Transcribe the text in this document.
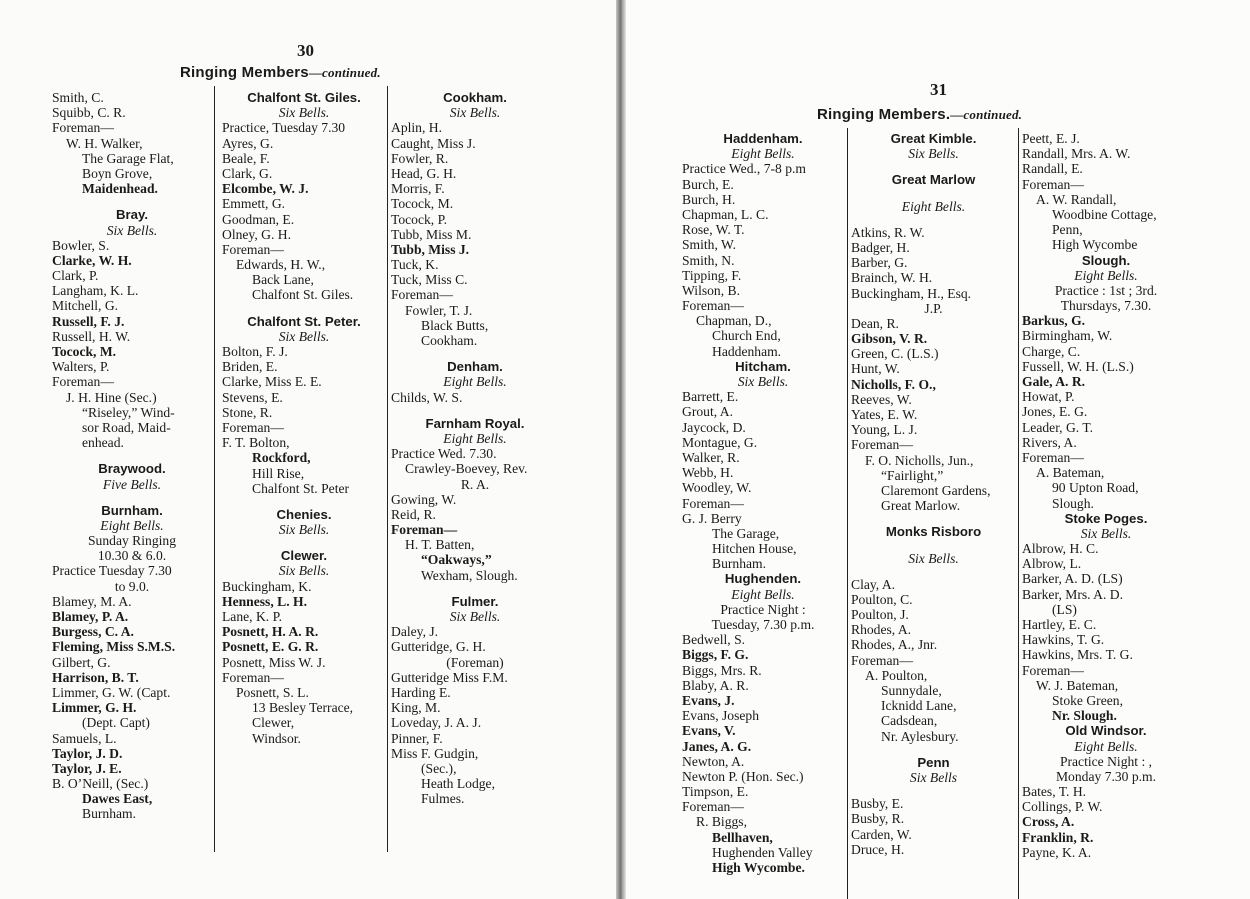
30
Ringing Members—continued.
Smith, C.
Squibb, C. R.
Foreman—
W. H. Walker,
The Garage Flat,
Boyn Grove,
Maidenhead.
Bray.
Six Bells.
Bowler, S.
Clarke, W. H.
Clark, P.
Langham, K. L.
Mitchell, G.
Russell, F. J.
Russell, H. W.
Tocock, M.
Walters, P.
Foreman—
J. H. Hine (Sec.)
“Riseley,” Wind-
sor Road, Maid-
enhead.
Braywood.
Five Bells.
Burnham.
Eight Bells.
Sunday Ringing
10.30 & 6.0.
Practice Tuesday 7.30
to 9.0.
Blamey, M. A.
Blamey, P. A.
Burgess, C. A.
Fleming, Miss S.M.S.
Gilbert, G.
Harrison, B. T.
Limmer, G. W. (Capt.
Limmer, G. H.
(Dept. Capt)
Samuels, L.
Taylor, J. D.
Taylor, J. E.
B. O’Neill, (Sec.)
Dawes East,
Burnham.
Chalfont St. Giles.
Six Bells.
Practice, Tuesday 7.30
Ayres, G.
Beale, F.
Clark, G.
Elcombe, W. J.
Emmett, G.
Goodman, E.
Olney, G. H.
Foreman—
Edwards, H. W.,
Back Lane,
Chalfont St. Giles.
Chalfont St. Peter.
Six Bells.
Bolton, F. J.
Briden, E.
Clarke, Miss E. E.
Stevens, E.
Stone, R.
Foreman—
F. T. Bolton,
Rockford,
Hill Rise,
Chalfont St. Peter
Chenies.
Six Bells.
Clewer.
Six Bells.
Buckingham, K.
Henness, L. H.
Lane, K. P.
Posnett, H. A. R.
Posnett, E. G. R.
Posnett, Miss W. J.
Foreman—
Posnett, S. L.
13 Besley Terrace,
Clewer,
Windsor.
Cookham.
Six Bells.
Aplin, H.
Caught, Miss J.
Fowler, R.
Head, G. H.
Morris, F.
Tocock, M.
Tocock, P.
Tubb, Miss M.
Tubb, Miss J.
Tuck, K.
Tuck, Miss C.
Foreman—
Fowler, T. J.
Black Butts,
Cookham.
Denham.
Eight Bells.
Childs, W. S.
Farnham Royal.
Eight Bells.
Practice Wed. 7.30.
Crawley-Boevey, Rev.
R. A.
Gowing, W.
Reid, R.
Foreman—
H. T. Batten,
“Oakways,”
Wexham, Slough.
Fulmer.
Six Bells.
Daley, J.
Gutteridge, G. H.
(Foreman)
Gutteridge Miss F.M.
Harding E.
King, M.
Loveday, J. A. J.
Pinner, F.
Miss F. Gudgin,
(Sec.),
Heath Lodge,
Fulmes.
31
Ringing Members.—continued.
Haddenham.
Eight Bells.
Practice Wed., 7-8 p.m
Burch, E.
Burch, H.
Chapman, L. C.
Rose, W. T.
Smith, W.
Smith, N.
Tipping, F.
Wilson, B.
Foreman—
Chapman, D.,
Church End,
Haddenham.
Hitcham.
Six Bells.
Barrett, E.
Grout, A.
Jaycock, D.
Montague, G.
Walker, R.
Webb, H.
Woodley, W.
Foreman—
G. J. Berry
The Garage,
Hitchen House,
Burnham.
Hughenden.
Eight Bells.
Practice Night :
Tuesday, 7.30 p.m.
Bedwell, S.
Biggs, F. G.
Biggs, Mrs. R.
Blaby, A. R.
Evans, J.
Evans, Joseph
Evans, V.
Janes, A. G.
Newton, A.
Newton P. (Hon. Sec.)
Timpson, E.
Foreman—
R. Biggs,
Bellhaven,
Hughenden Valley
High Wycombe.
Great Kimble.
Six Bells.
Great Marlow
Eight Bells.
Atkins, R. W.
Badger, H.
Barber, G.
Brainch, W. H.
Buckingham, H., Esq.
J.P.
Dean, R.
Gibson, V. R.
Green, C. (L.S.)
Hunt, W.
Nicholls, F. O.,
Reeves, W.
Yates, E. W.
Young, L. J.
Foreman—
F. O. Nicholls, Jun.,
“Fairlight,”
Claremont Gardens,
Great Marlow.
Monks Risboro
Six Bells.
Clay, A.
Poulton, C.
Poulton, J.
Rhodes, A.
Rhodes, A., Jnr.
Foreman—
A. Poulton,
Sunnydale,
Icknidd Lane,
Cadsdean,
Nr. Aylesbury.
Penn
Six Bells
Busby, E.
Busby, R.
Carden, W.
Druce, H.
Peett, E. J.
Randall, Mrs. A. W.
Randall, E.
Foreman—
A. W. Randall,
Woodbine Cottage,
Penn,
High Wycombe
Slough.
Eight Bells.
Practice : 1st ; 3rd.
Thursdays, 7.30.
Barkus, G.
Birmingham, W.
Charge, C.
Fussell, W. H. (L.S.)
Gale, A. R.
Howat, P.
Jones, E. G.
Leader, G. T.
Rivers, A.
Foreman—
A. Bateman,
90 Upton Road,
Slough.
Stoke Poges.
Six Bells.
Albrow, H. C.
Albrow, L.
Barker, A. D. (LS)
Barker, Mrs. A. D.
(LS)
Hartley, E. C.
Hawkins, T. G.
Hawkins, Mrs. T. G.
Foreman—
W. J. Bateman,
Stoke Green,
Nr. Slough.
Old Windsor.
Eight Bells.
Practice Night : ,
Monday 7.30 p.m.
Bates, T. H.
Collings, P. W.
Cross, A.
Franklin, R.
Payne, K. A.
